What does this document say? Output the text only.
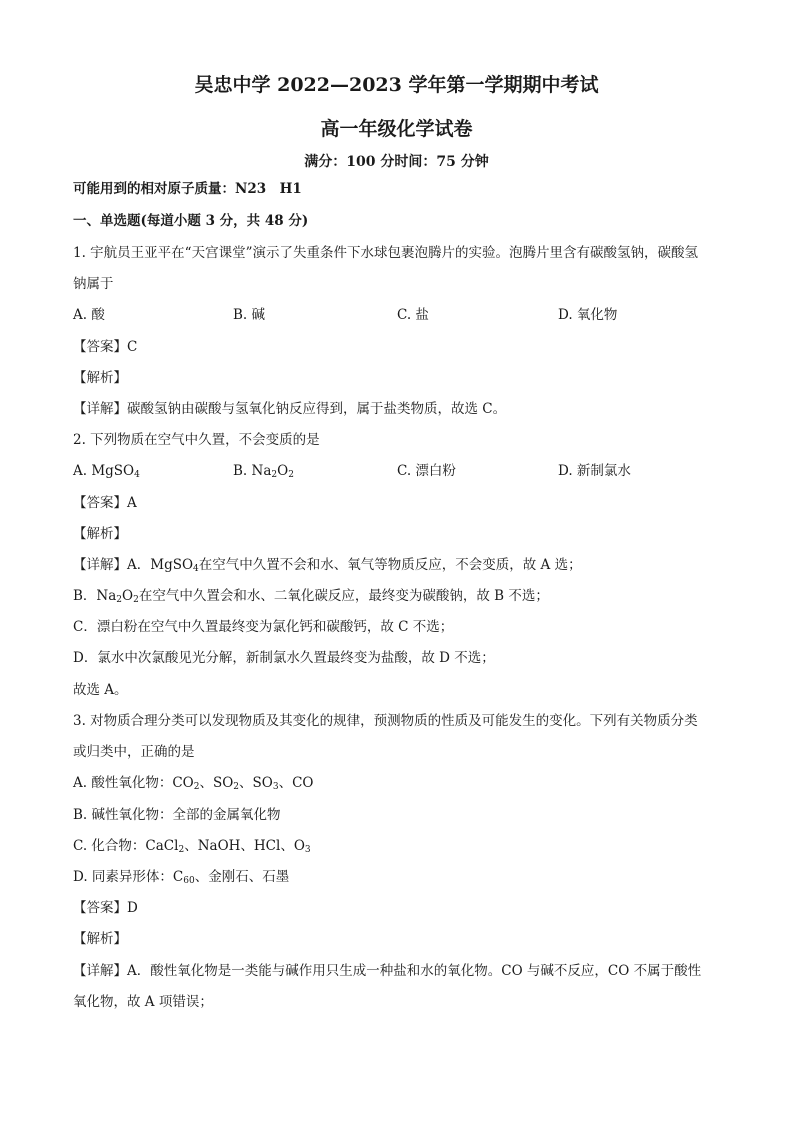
吴忠中学 2022—2023 学年第一学期期中考试
高一年级化学试卷
满分：100 分时间：75 分钟
可能用到的相对原子质量：N23　H1
一、单选题(每道小题 3 分，共 48 分)
1. 宇航员王亚平在“天宫课堂”演示了失重条件下水球包裹泡腾片的实验。泡腾片里含有碳酸氢钠，碳酸氢
钠属于
A. 酸	B. 碱	C. 盐	D. 氧化物
【答案】C
【解析】
【详解】碳酸氢钠由碳酸与氢氧化钠反应得到，属于盐类物质，故选 C。
2. 下列物质在空气中久置，不会变质的是
A. MgSO$_4$	B. $Na_2O_2$	C. 漂白粉	D. 新制氯水
【答案】A
【解析】
【详解】A．MgSO$_4$在空气中久置不会和水、氧气等物质反应，不会变质，故 A 选；
B．$Na_2O_2$在空气中久置会和水、二氧化碳反应，最终变为碳酸钠，故 B 不选；
C．漂白粉在空气中久置最终变为氯化钙和碳酸钙，故 C 不选；
D．氯水中次氯酸见光分解，新制氯水久置最终变为盐酸，故 D 不选；
故选 A。
3. 对物质合理分类可以发现物质及其变化的规律，预测物质的性质及可能发生的变化。下列有关物质分类
或归类中，正确的是
A. 酸性氧化物：$CO_2$、$SO_2$、$SO_3$、CO
B. 碱性氧化物：全部的金属氧化物
C. 化合物：CaCl$_2$、NaOH、HCl、$O_3$
D. 同素异形体：$C_{60}$、金刚石、石墨
【答案】D
【解析】
【详解】A．酸性氧化物是一类能与碱作用只生成一种盐和水的氧化物。CO 与碱不反应，CO 不属于酸性
氧化物，故 A 项错误；
